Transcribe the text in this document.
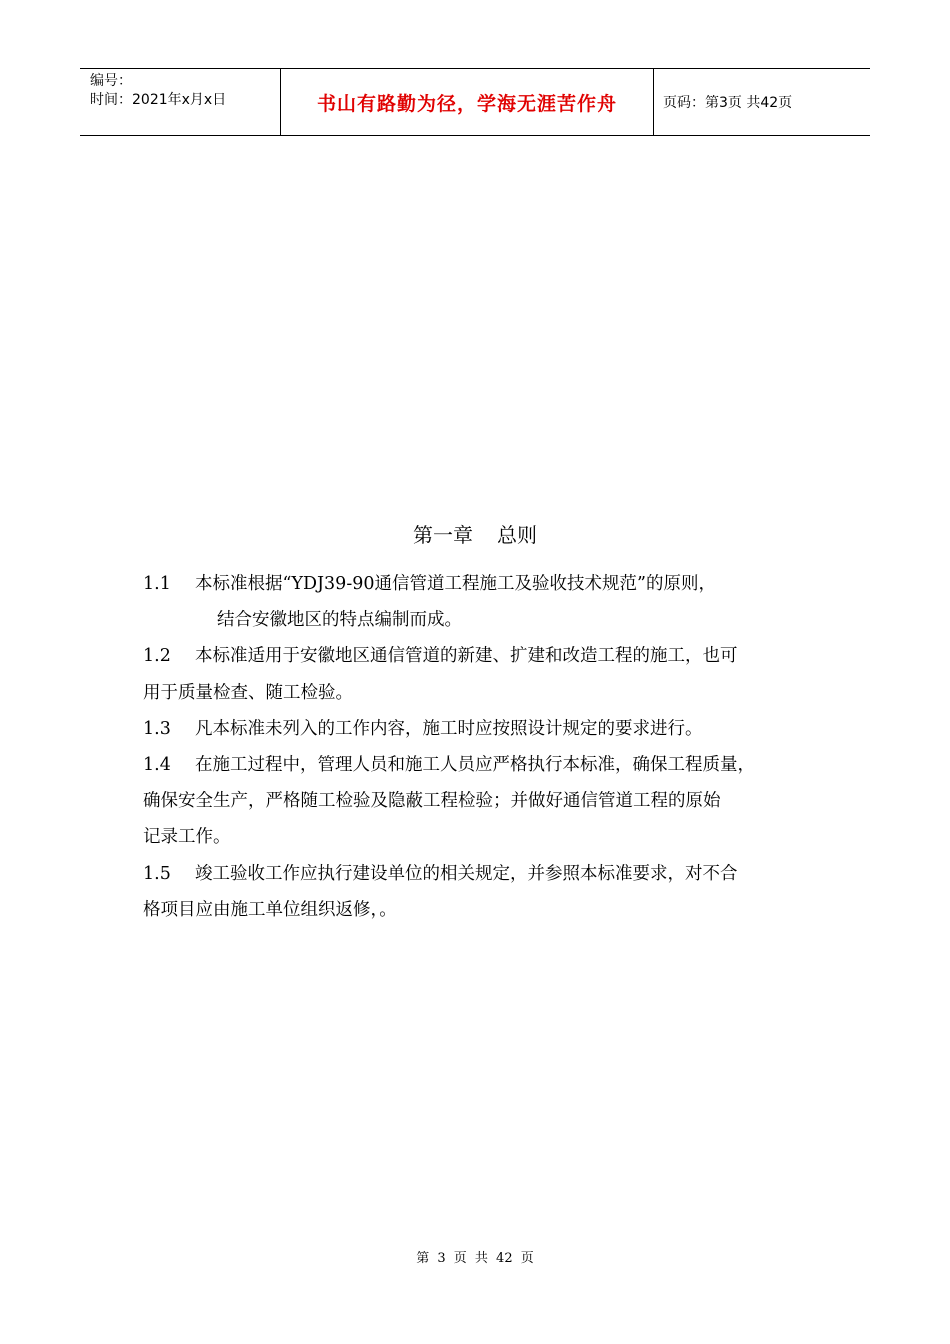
编号：
时间：2021年x月x日	书山有路勤为径，学海无涯苦作舟	页码：第3页 共42页
第一章 总则

1.1 本标准根据“YDJ39-90通信管道工程施工及验收技术规范”的原则，
结合安徽地区的特点编制而成。

1.2 本标准适用于安徽地区通信管道的新建、扩建和改造工程的施工，也可
用于质量检查、随工检验。

1.3 凡本标准未列入的工作内容，施工时应按照设计规定的要求进行。

1.4 在施工过程中，管理人员和施工人员应严格执行本标准，确保工程质量，
确保安全生产，严格随工检验及隐蔽工程检验；并做好通信管道工程的原始
记录工作。

1.5 竣工验收工作应执行建设单位的相关规定，并参照本标准要求，对不合
格项目应由施工单位组织返修，。

第 3 页 共 42 页
